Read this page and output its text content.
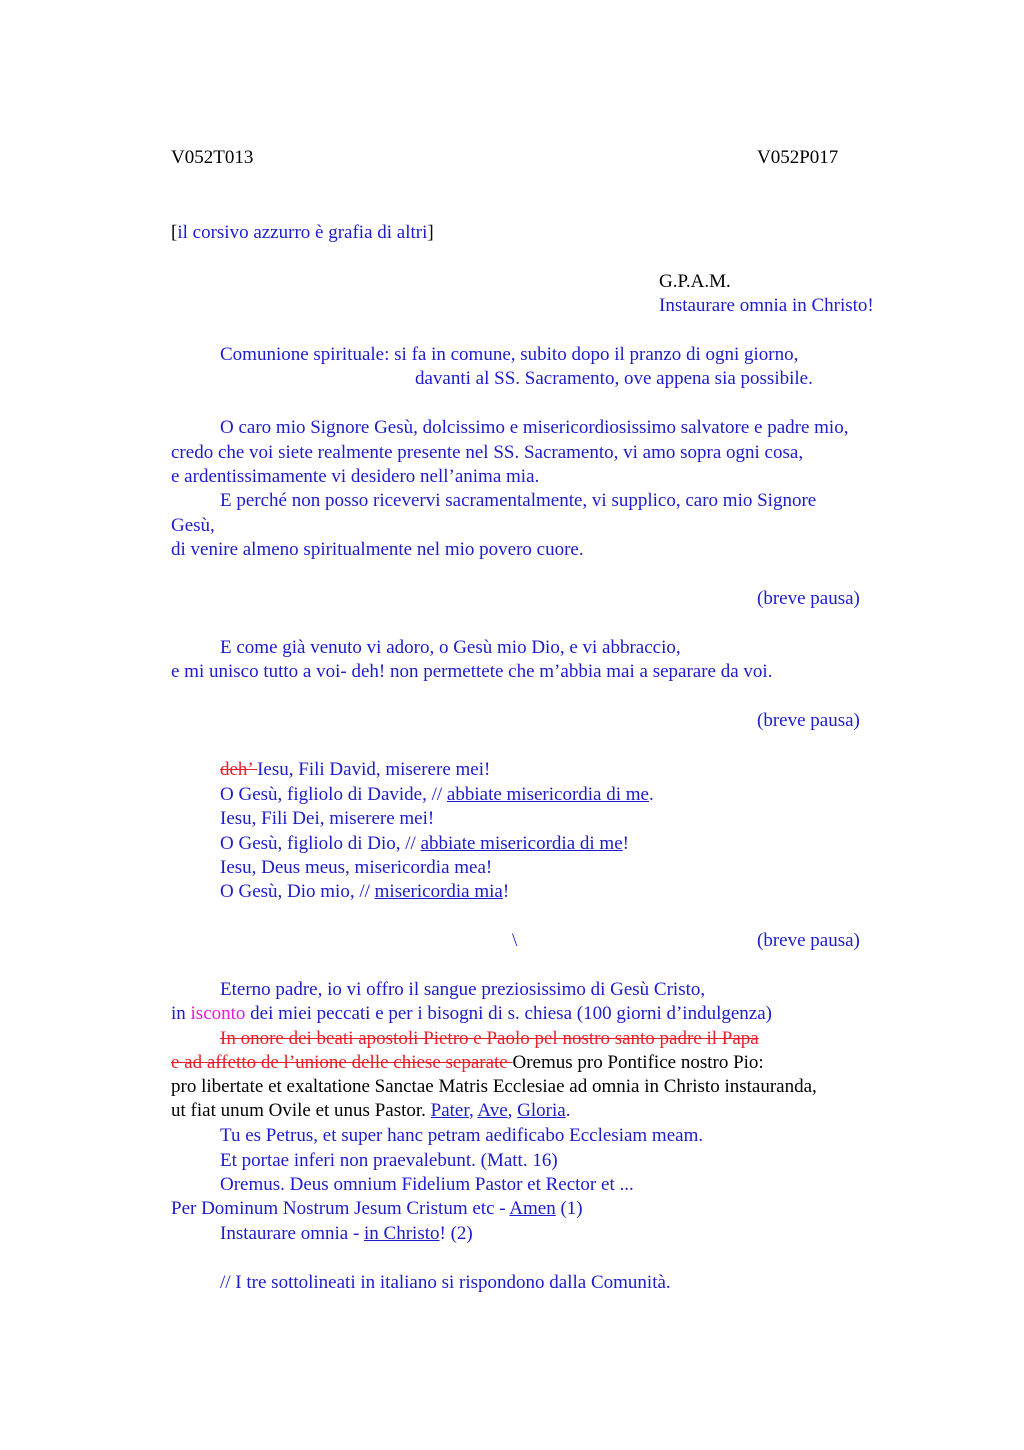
V052T013	V052P017
[il corsivo azzurro è grafia di altri]
G.P.A.M.
Instaurare omnia in Christo!
Comunione spirituale: si fa in comune, subito dopo il pranzo di ogni giorno,
davanti al SS. Sacramento, ove appena sia possibile.
O caro mio Signore Gesù, dolcissimo e misericordiosissimo salvatore e padre mio,
credo che voi siete realmente presente nel SS. Sacramento, vi amo sopra ogni cosa,
e ardentissimamente vi desidero nell’anima mia.
E perché non posso ricevervi sacramentalmente, vi supplico, caro mio Signore
Gesù,
di venire almeno spiritualmente nel mio povero cuore.
(breve pausa)
E come già venuto vi adoro, o Gesù mio Dio, e vi abbraccio,
e mi unisco tutto a voi- deh! non permettete che m’abbia mai a separare da voi.
(breve pausa)
deh’ Iesu, Fili David, miserere mei!
O Gesù, figliolo di Davide, // abbiate misericordia di me.
Iesu, Fili Dei, miserere mei!
O Gesù, figliolo di Dio, // abbiate misericordia di me!
Iesu, Deus meus, misericordia mea!
O Gesù, Dio mio, // misericordia mia!
\	(breve pausa)
Eterno padre, io vi offro il sangue preziosissimo di Gesù Cristo,
in isconto dei miei peccati e per i bisogni di s. chiesa (100 giorni d’indulgenza)
In onore dei beati apostoli Pietro e Paolo pel nostro santo padre il Papa
e ad affetto de l’unione delle chiese separate Oremus pro Pontifice nostro Pio:
pro libertate et exaltatione Sanctae Matris Ecclesiae ad omnia in Christo instauranda,
ut fiat unum Ovile et unus Pastor. Pater, Ave, Gloria.
Tu es Petrus, et super hanc petram aedificabo Ecclesiam meam.
Et portae inferi non praevalebunt. (Matt. 16)
Oremus. Deus omnium Fidelium Pastor et Rector et ...
Per Dominum Nostrum Jesum Cristum etc - Amen (1)
Instaurare omnia - in Christo! (2)
// I tre sottolineati in italiano si rispondono dalla Comunità.
